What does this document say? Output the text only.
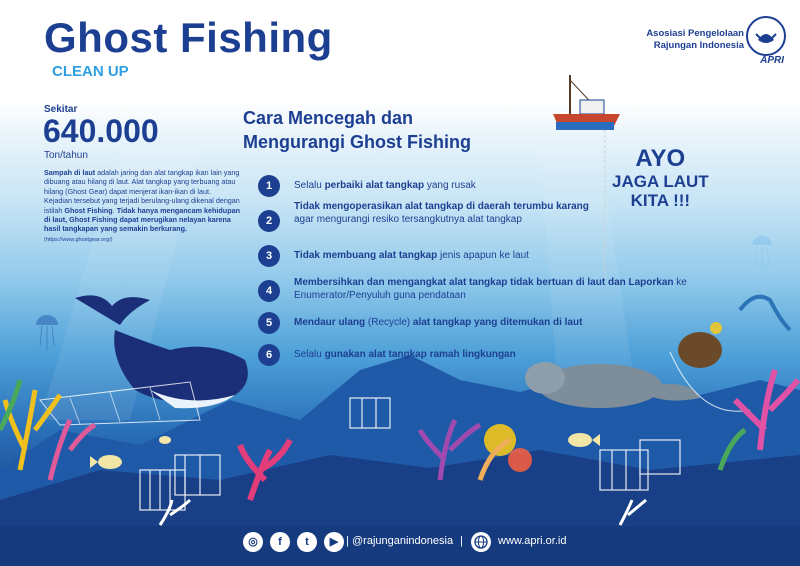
Ghost Fishing
CLEAN UP
Asosiasi Pengelolaan
Rajungan Indonesia
APRI
Sekitar
640.000
Ton/tahun
Sampah di laut adalah jaring dan alat tangkap ikan lain yang dibuang atau hilang di laut. Alat tangkap yang terbuang atau hilang (Ghost Gear) dapat menjerat ikan-ikan di laut. Kejadian tersebut yang terjadi berulang-ulang dikenal dengan istilah Ghost Fishing. Tidak hanya mengancam kehidupan di laut, Ghost Fishing dapat merugikan nelayan karena hasil tangkapan yang semakin berkurang. (https://www.ghostgear.org/)
Cara Mencegah dan
Mengurangi Ghost Fishing
1	Selalu perbaiki alat tangkap yang rusak
2
Tidak mengoperasikan alat tangkap di daerah terumbu karang agar mengurangi resiko tersangkutnya alat tangkap
3	Tidak membuang alat tangkap jenis apapun ke laut
4
Membersihkan dan mengangkat alat tangkap tidak bertuan di laut dan Laporkan ke Enumerator/Penyuluh guna pendataan
5	Mendaur ulang (Recycle) alat tangkap yang ditemukan di laut
6	Selalu gunakan alat tangkap ramah lingkungan
AYO
JAGA LAUT
KITA !!!
◎	f	t	▶ | @rajunganindonesia |	www.apri.or.id
